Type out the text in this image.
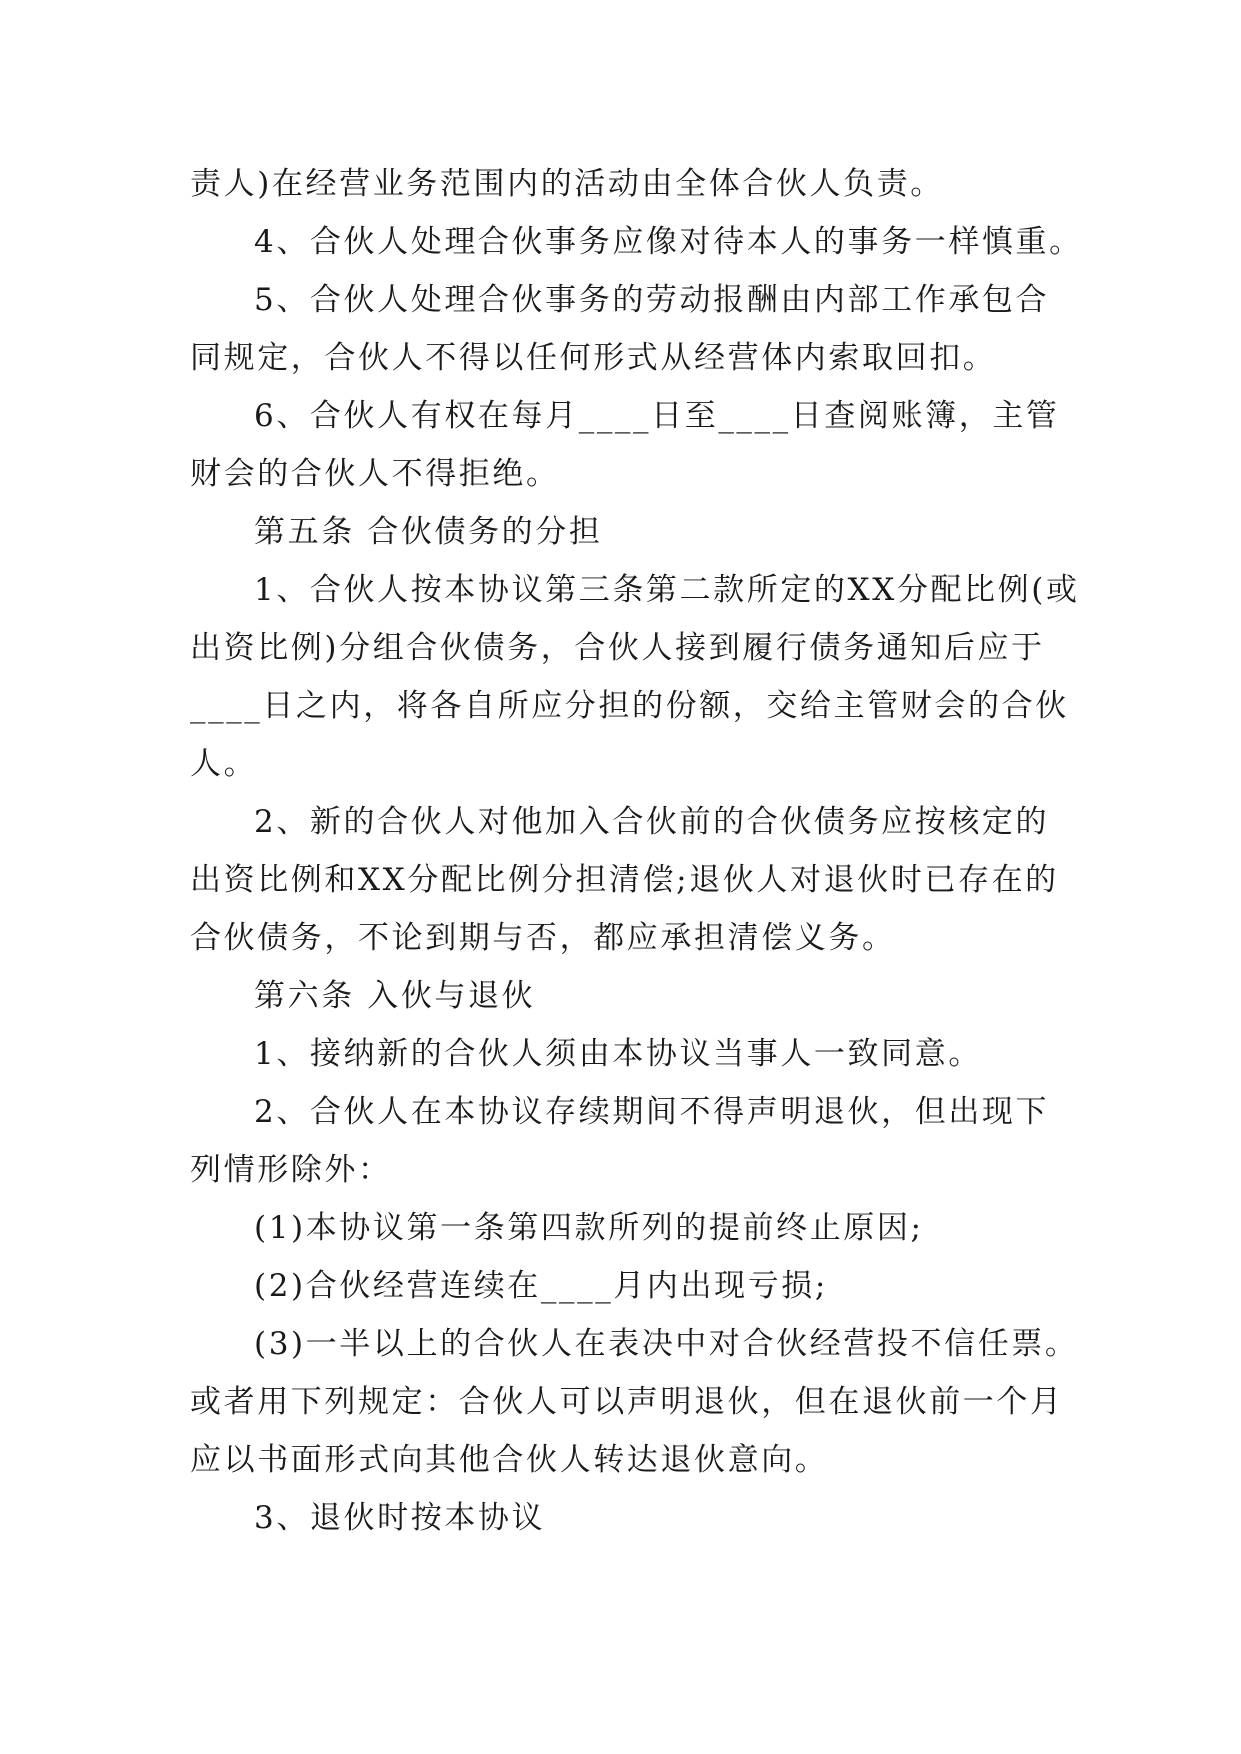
责人)在经营业务范围内的活动由全体合伙人负责。
4、合伙人处理合伙事务应像对待本人的事务一样慎重。
5、合伙人处理合伙事务的劳动报酬由内部工作承包合
同规定，合伙人不得以任何形式从经营体内索取回扣。
6、合伙人有权在每月____日至____日查阅账簿，主管
财会的合伙人不得拒绝。
第五条 合伙债务的分担
1、合伙人按本协议第三条第二款所定的XX分配比例(或
出资比例)分组合伙债务，合伙人接到履行债务通知后应于
____日之内，将各自所应分担的份额，交给主管财会的合伙
人。
2、新的合伙人对他加入合伙前的合伙债务应按核定的
出资比例和XX分配比例分担清偿;退伙人对退伙时已存在的
合伙债务，不论到期与否，都应承担清偿义务。
第六条 入伙与退伙
1、接纳新的合伙人须由本协议当事人一致同意。
2、合伙人在本协议存续期间不得声明退伙，但出现下
列情形除外：
(1)本协议第一条第四款所列的提前终止原因;
(2)合伙经营连续在____月内出现亏损;
(3)一半以上的合伙人在表决中对合伙经营投不信任票。
或者用下列规定：合伙人可以声明退伙，但在退伙前一个月
应以书面形式向其他合伙人转达退伙意向。
3、退伙时按本协议
